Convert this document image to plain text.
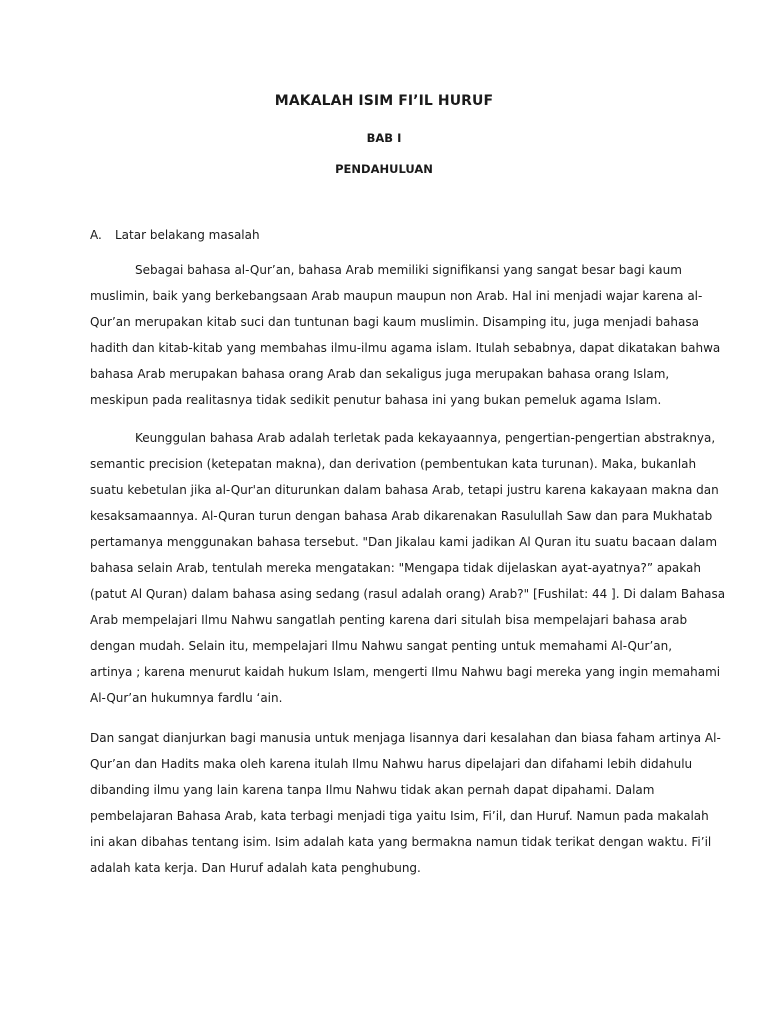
MAKALAH ISIM FI’IL HURUF
BAB I
PENDAHULUAN
A. Latar belakang masalah

Sebagai bahasa al-Qur’an, bahasa Arab memiliki signifikansi yang sangat besar bagi kaum
muslimin, baik yang berkebangsaan Arab maupun maupun non Arab. Hal ini menjadi wajar karena al-
Qur’an merupakan kitab suci dan tuntunan bagi kaum muslimin. Disamping itu, juga menjadi bahasa
hadith dan kitab-kitab yang membahas ilmu-ilmu agama islam. Itulah sebabnya, dapat dikatakan bahwa
bahasa Arab merupakan bahasa orang Arab dan sekaligus juga merupakan bahasa orang Islam,
meskipun pada realitasnya tidak sedikit penutur bahasa ini yang bukan pemeluk agama Islam.

Keunggulan bahasa Arab adalah terletak pada kekayaannya, pengertian-pengertian abstraknya,
semantic precision (ketepatan makna), dan derivation (pembentukan kata turunan). Maka, bukanlah
suatu kebetulan jika al-Qur'an diturunkan dalam bahasa Arab, tetapi justru karena kakayaan makna dan
kesaksamaannya. Al-Quran turun dengan bahasa Arab dikarenakan Rasulullah Saw dan para Mukhatab
pertamanya menggunakan bahasa tersebut. "Dan Jikalau kami jadikan Al Quran itu suatu bacaan dalam
bahasa selain Arab, tentulah mereka mengatakan: "Mengapa tidak dijelaskan ayat-ayatnya?” apakah
(patut Al Quran) dalam bahasa asing sedang (rasul adalah orang) Arab?" [Fushilat: 44 ]. Di dalam Bahasa
Arab mempelajari Ilmu Nahwu sangatlah penting karena dari situlah bisa mempelajari bahasa arab
dengan mudah. Selain itu, mempelajari Ilmu Nahwu sangat penting untuk memahami Al-Qur’an,
artinya ; karena menurut kaidah hukum Islam, mengerti Ilmu Nahwu bagi mereka yang ingin memahami
Al-Qur’an hukumnya fardlu ‘ain.

Dan sangat dianjurkan bagi manusia untuk menjaga lisannya dari kesalahan dan biasa faham artinya Al-
Qur’an dan Hadits maka oleh karena itulah Ilmu Nahwu harus dipelajari dan difahami lebih didahulu
dibanding ilmu yang lain karena tanpa Ilmu Nahwu tidak akan pernah dapat dipahami. Dalam
pembelajaran Bahasa Arab, kata terbagi menjadi tiga yaitu Isim, Fi’il, dan Huruf. Namun pada makalah
ini akan dibahas tentang isim. Isim adalah kata yang bermakna namun tidak terikat dengan waktu. Fi’il
adalah kata kerja. Dan Huruf adalah kata penghubung.
